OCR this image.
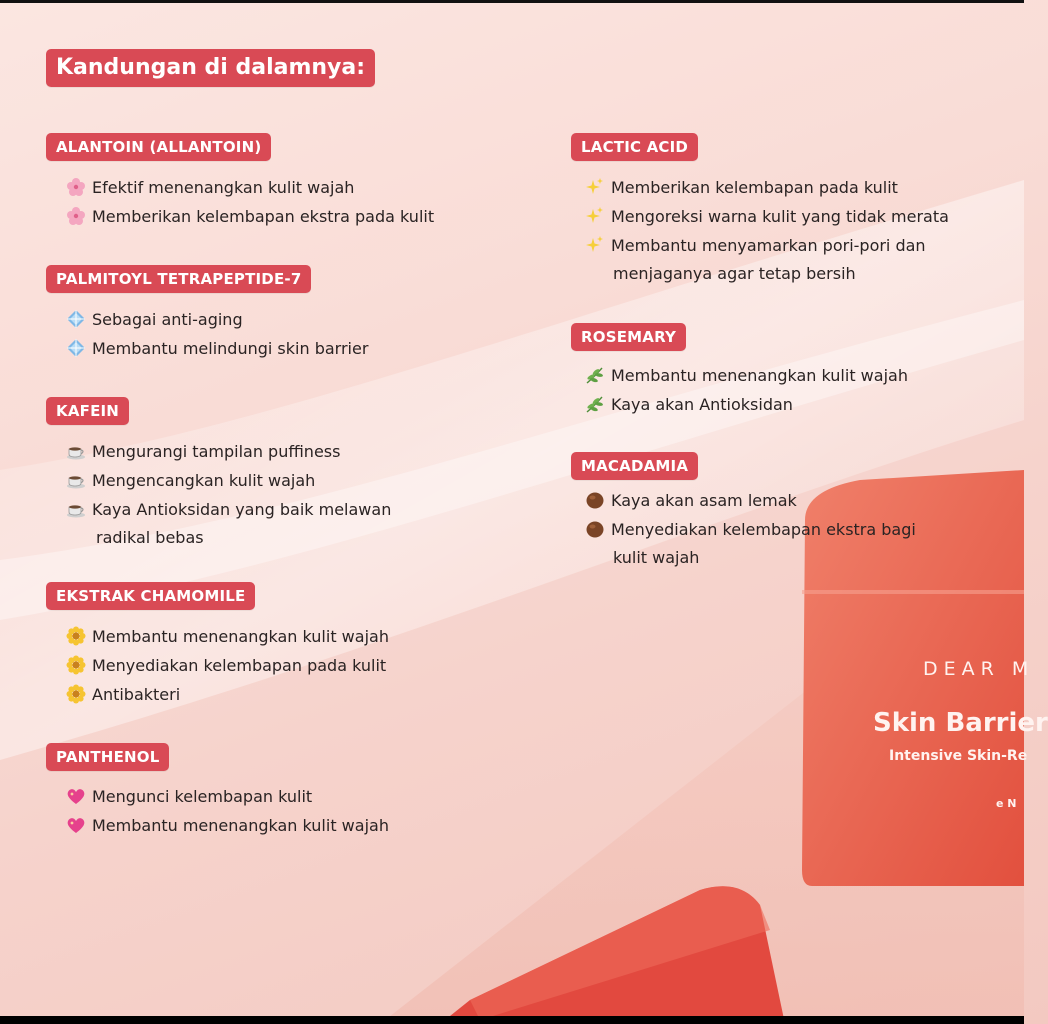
DEAR M
Skin Barrier
Intensive Skin-Re
e N
Kandungan di dalamnya:
ALANTOIN (ALLANTOIN)
Efektif menenangkan kulit wajah
Memberikan kelembapan ekstra pada kulit
PALMITOYL TETRAPEPTIDE-7
Sebagai anti-aging
Membantu melindungi skin barrier
KAFEIN
Mengurangi tampilan puffiness
Mengencangkan kulit wajah
Kaya Antioksidan yang baik melawan
radikal bebas
EKSTRAK CHAMOMILE
Membantu menenangkan kulit wajah
Menyediakan kelembapan pada kulit
Antibakteri
PANTHENOL
Mengunci kelembapan kulit
Membantu menenangkan kulit wajah
LACTIC ACID
Memberikan kelembapan pada kulit
Mengoreksi warna kulit yang tidak merata
Membantu menyamarkan pori-pori dan
menjaganya agar tetap bersih
ROSEMARY
Membantu menenangkan kulit wajah
Kaya akan Antioksidan
MACADAMIA
Kaya akan asam lemak
Menyediakan kelembapan ekstra bagi
kulit wajah
